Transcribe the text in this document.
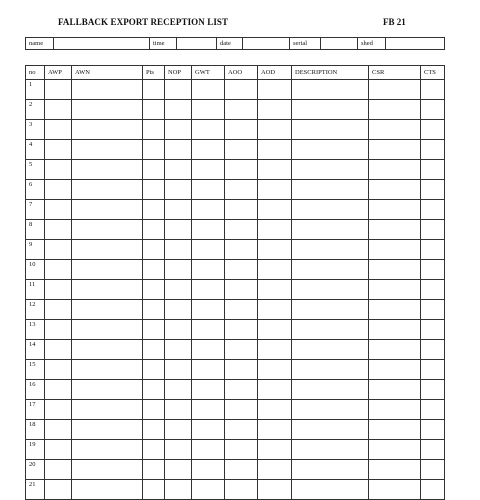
FALLBACK EXPORT RECEPTION LIST	FB 21
name		time		date		serial		shed	
no	AWP	AWN	Pts	NOP	GWT	AOO	AOD	DESCRIPTION	CSR	CTS
1										
2										
3										
4										
5										
6										
7										
8										
9										
10										
11										
12										
13										
14										
15										
16										
17										
18										
19										
20										
21										
